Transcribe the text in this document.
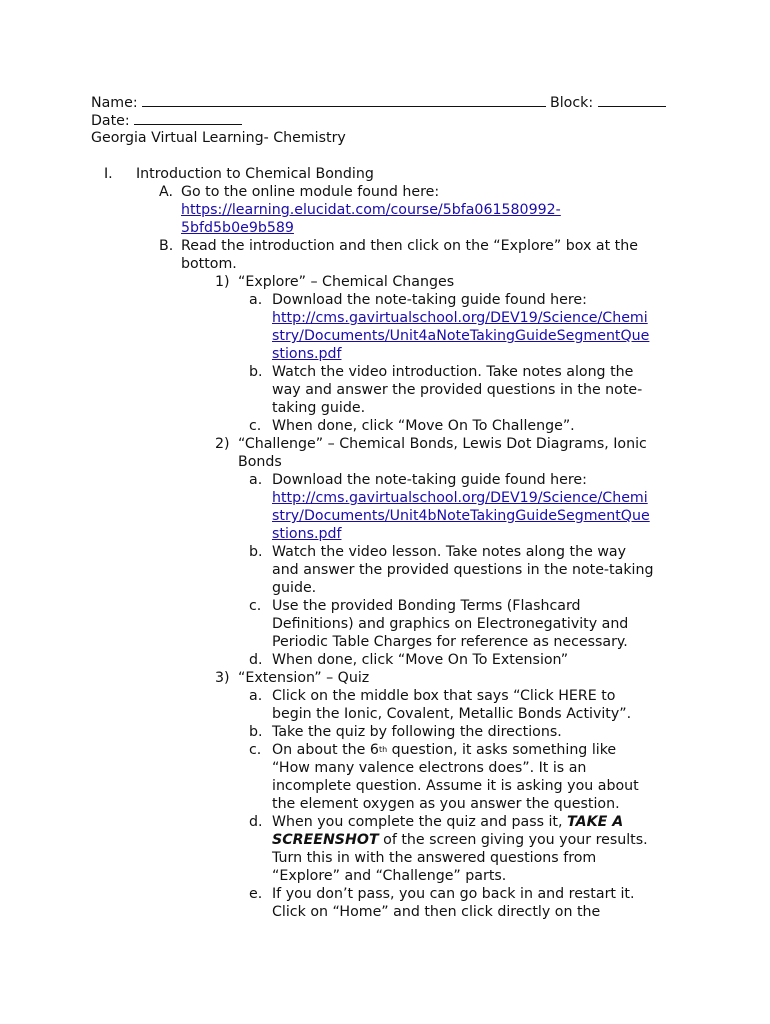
Name:	Block:
Date:
Georgia Virtual Learning- Chemistry
I. Introduction to Chemical Bonding
A. Go to the online module found here:
https://learning.elucidat.com/course/5bfa061580992-
5bfd5b0e9b589
B. Read the introduction and then click on the “Explore” box at the
bottom.
1) “Explore” – Chemical Changes
a. Download the note-taking guide found here:
http://cms.gavirtualschool.org/DEV19/Science/Chemi
stry/Documents/Unit4aNoteTakingGuideSegmentQue
stions.pdf
b. Watch the video introduction. Take notes along the
way and answer the provided questions in the note-
taking guide.
c. When done, click “Move On To Challenge”.
2) “Challenge” – Chemical Bonds, Lewis Dot Diagrams, Ionic
Bonds
a. Download the note-taking guide found here:
http://cms.gavirtualschool.org/DEV19/Science/Chemi
stry/Documents/Unit4bNoteTakingGuideSegmentQue
stions.pdf
b. Watch the video lesson. Take notes along the way
and answer the provided questions in the note-taking
guide.
c. Use the provided Bonding Terms (Flashcard
Definitions) and graphics on Electronegativity and
Periodic Table Charges for reference as necessary.
d. When done, click “Move On To Extension”
3) “Extension” – Quiz
a. Click on the middle box that says “Click HERE to
begin the Ionic, Covalent, Metallic Bonds Activity”.
b. Take the quiz by following the directions.
c. On about the 6th question, it asks something like
“How many valence electrons does”. It is an
incomplete question. Assume it is asking you about
the element oxygen as you answer the question.
d. When you complete the quiz and pass it, TAKE A
SCREENSHOT of the screen giving you your results.
Turn this in with the answered questions from
“Explore” and “Challenge” parts.
e. If you don’t pass, you can go back in and restart it.
Click on “Home” and then click directly on the
